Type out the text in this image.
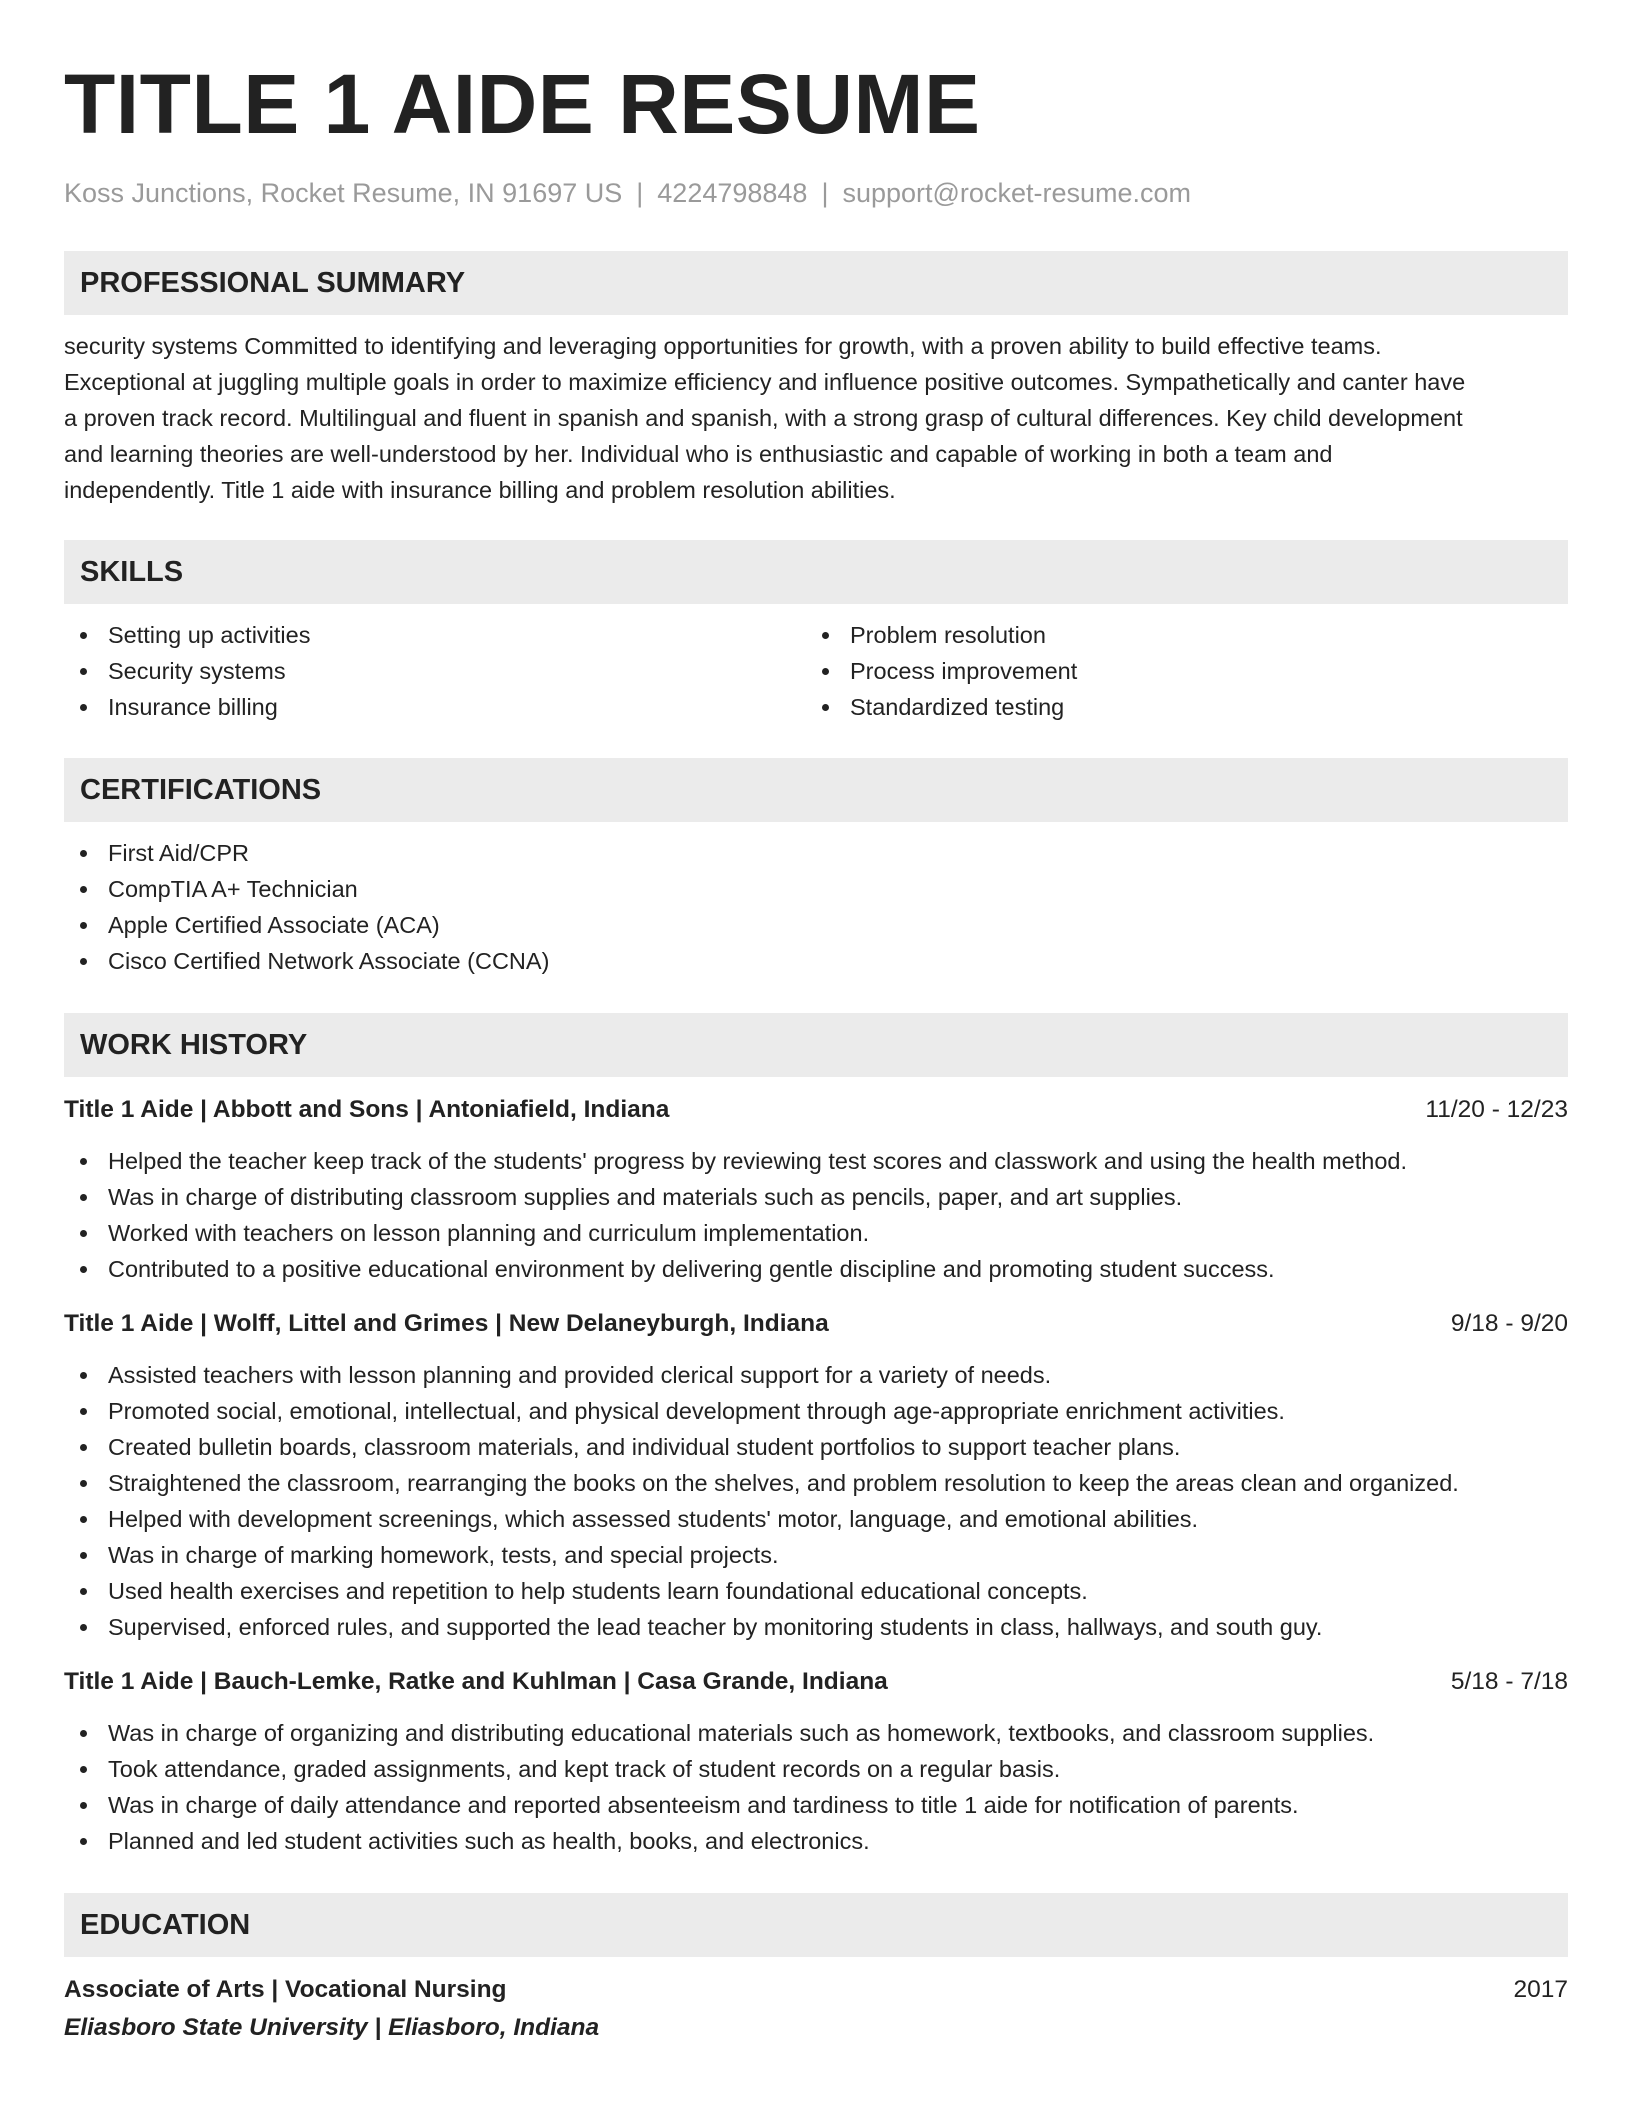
TITLE 1 AIDE RESUME
Koss Junctions, Rocket Resume, IN 91697 US | 4224798848 | support@rocket-resume.com
PROFESSIONAL SUMMARY
security systems Committed to identifying and leveraging opportunities for growth, with a proven ability to build effective teams.
Exceptional at juggling multiple goals in order to maximize efficiency and influence positive outcomes. Sympathetically and canter have
a proven track record. Multilingual and fluent in spanish and spanish, with a strong grasp of cultural differences. Key child development
and learning theories are well-understood by her. Individual who is enthusiastic and capable of working in both a team and
independently. Title 1 aide with insurance billing and problem resolution abilities.
SKILLS
Setting up activities
Security systems
Insurance billing
Problem resolution
Process improvement
Standardized testing
CERTIFICATIONS
First Aid/CPR
CompTIA A+ Technician
Apple Certified Associate (ACA)
Cisco Certified Network Associate (CCNA)
WORK HISTORY
Title 1 Aide | Abbott and Sons | Antoniafield, Indiana	11/20 - 12/23
Helped the teacher keep track of the students' progress by reviewing test scores and classwork and using the health method.
Was in charge of distributing classroom supplies and materials such as pencils, paper, and art supplies.
Worked with teachers on lesson planning and curriculum implementation.
Contributed to a positive educational environment by delivering gentle discipline and promoting student success.
Title 1 Aide | Wolff, Littel and Grimes | New Delaneyburgh, Indiana	9/18 - 9/20
Assisted teachers with lesson planning and provided clerical support for a variety of needs.
Promoted social, emotional, intellectual, and physical development through age-appropriate enrichment activities.
Created bulletin boards, classroom materials, and individual student portfolios to support teacher plans.
Straightened the classroom, rearranging the books on the shelves, and problem resolution to keep the areas clean and organized.
Helped with development screenings, which assessed students' motor, language, and emotional abilities.
Was in charge of marking homework, tests, and special projects.
Used health exercises and repetition to help students learn foundational educational concepts.
Supervised, enforced rules, and supported the lead teacher by monitoring students in class, hallways, and south guy.
Title 1 Aide | Bauch-Lemke, Ratke and Kuhlman | Casa Grande, Indiana	5/18 - 7/18
Was in charge of organizing and distributing educational materials such as homework, textbooks, and classroom supplies.
Took attendance, graded assignments, and kept track of student records on a regular basis.
Was in charge of daily attendance and reported absenteeism and tardiness to title 1 aide for notification of parents.
Planned and led student activities such as health, books, and electronics.
EDUCATION
Associate of Arts | Vocational Nursing	2017
Eliasboro State University | Eliasboro, Indiana
